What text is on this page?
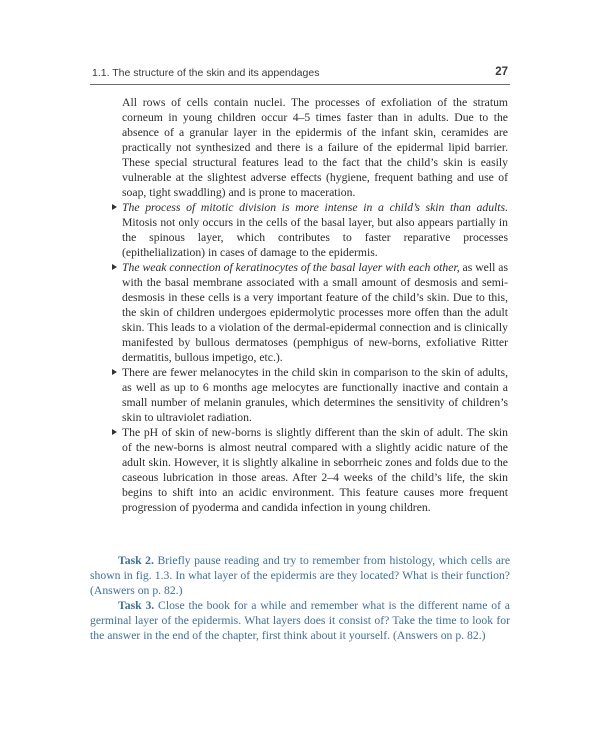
1.1. The structure of the skin and its appendages	27

All rows of cells contain nuclei. The processes of exfoliation of the stratum corneum in young children occur 4–5 times faster than in adults. Due to the absence of a granular layer in the epidermis of the infant skin, ceramides are practically not synthesized and there is a failure of the epidermal lipid barrier. These special structural features lead to the fact that the child’s skin is easily vulnerable at the slightest adverse effects (hygiene, frequent bathing and use of soap, tight swaddling) and is prone to maceration.

The process of mitotic division is more intense in a child’s skin than adults. Mitosis not only occurs in the cells of the basal layer, but also appears partially in the spinous layer, which contributes to faster reparative processes (epithelialization) in cases of damage to the epidermis.
The weak connection of keratinocytes of the basal layer with each other, as well as with the basal membrane associated with a small amount of desmosis and semi-desmosis in these cells is a very important feature of the child’s skin. Due to this, the skin of children undergoes epidermolytic processes more offen than the adult skin. This leads to a violation of the dermal-epidermal connection and is clinically manifested by bullous dermatoses (pemphigus of new-borns, exfoliative Ritter dermatitis, bullous impetigo, etc.).
There are fewer melanocytes in the child skin in comparison to the skin of adults, as well as up to 6 months age melocytes are functionally inactive and contain a small number of melanin granules, which determines the sensitivity of children’s skin to ultraviolet radiation.
The pH of skin of new-borns is slightly different than the skin of adult. The skin of the new-borns is almost neutral compared with a slightly acidic nature of the adult skin. However, it is slightly alkaline in seborrheic zones and folds due to the caseous lubrication in those areas. After 2–4 weeks of the child’s life, the skin begins to shift into an acidic environment. This feature causes more frequent progression of pyoderma and candida infection in young children.

Task 2. Briefly pause reading and try to remember from histology, which cells are shown in fig. 1.3. In what layer of the epidermis are they located? What is their function? (Answers on p. 82.)

Task 3. Close the book for a while and remember what is the different name of a germinal layer of the epidermis. What layers does it consist of? Take the time to look for the answer in the end of the chapter, first think about it yourself. (Answers on p. 82.)
